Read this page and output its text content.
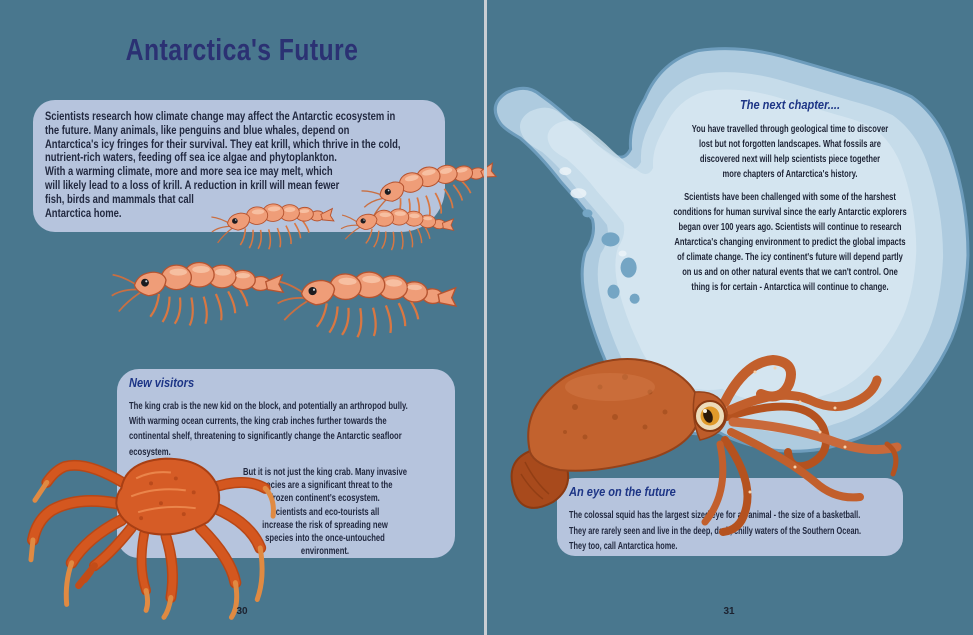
The next chapter....
You have travelled through geological time to discover
lost but not forgotten landscapes. What fossils are
discovered next will help scientists piece together
more chapters of Antarctica's history.
Scientists have been challenged with some of the harshest
conditions for human survival since the early Antarctic explorers
began over 100 years ago. Scientists will continue to research
Antarctica's changing environment to predict the global impacts
of climate change. The icy continent's future will depend partly
on us and on other natural events that we can't control. One
thing is for certain - Antarctica will continue to change.
An eye on the future
The colossal squid has the largest sized eye for an animal - the size of a basketball.
They are rarely seen and live in the deep, dark, chilly waters of the Southern Ocean.
They too, call Antarctica home.
Antarctica's Future
Scientists research how climate change may affect the Antarctic ecosystem in
the future. Many animals, like penguins and blue whales, depend on
Antarctica's icy fringes for their survival. They eat krill, which thrive in the cold,
nutrient-rich waters, feeding off sea ice algae and phytoplankton.
With a warming climate, more and more sea ice may melt, which
will likely lead to a loss of krill. A reduction in krill will mean fewer
fish, birds and mammals that call
Antarctica home.
New visitors
The king crab is the new kid on the block, and potentially an arthropod bully.
With warming ocean currents, the king crab inches further towards the
continental shelf, threatening to significantly change the Antarctic seafloor
ecosystem.
But it is not just the king crab. Many invasive
species are a significant threat to the
frozen continent's ecosystem.
Scientists and eco-tourists all
increase the risk of spreading new
species into the once-untouched
environment.
30	31
